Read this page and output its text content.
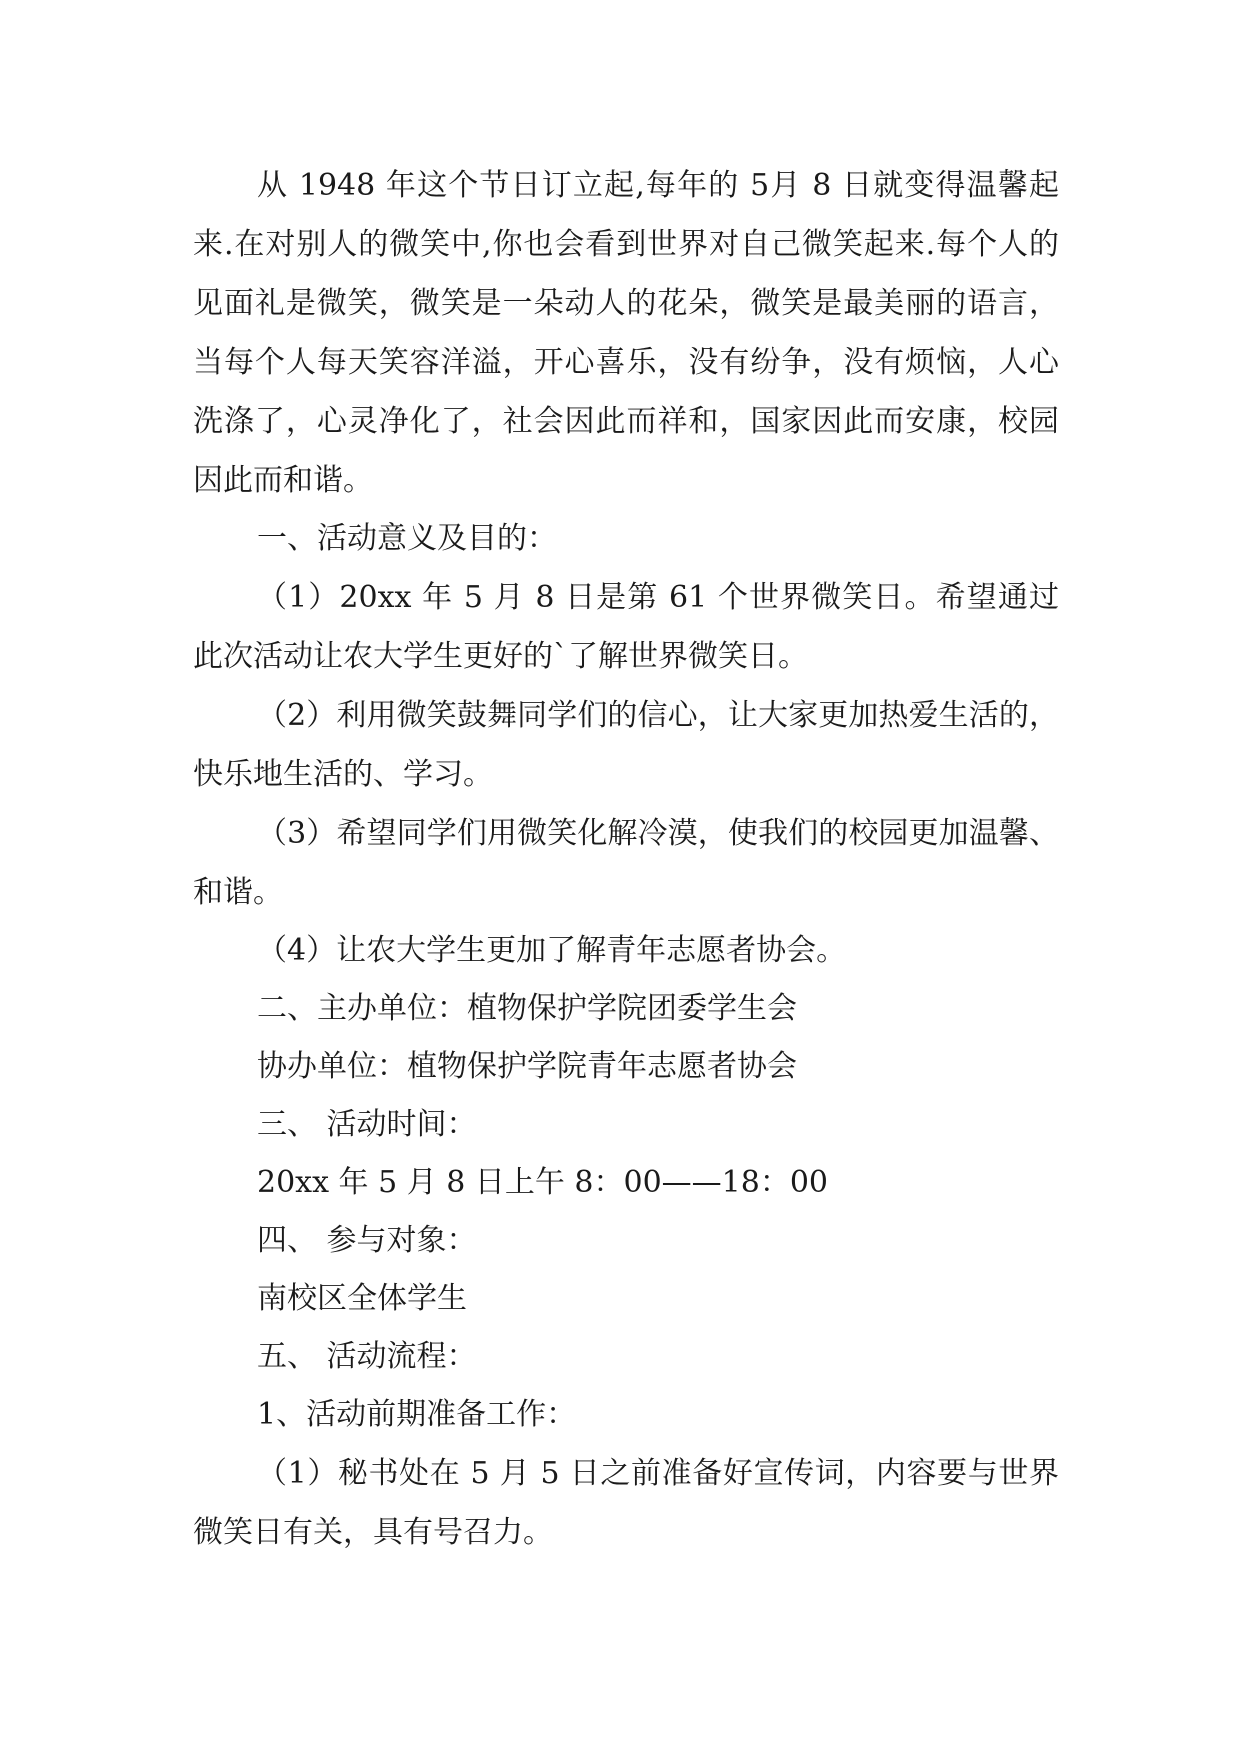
从 1948 年这个节日订立起,每年的 5月 8 日就变得温馨起来.在对别人的微笑中,你也会看到世界对自己微笑起来.每个人的见面礼是微笑，微笑是一朵动人的花朵，微笑是最美丽的语言，当每个人每天笑容洋溢，开心喜乐，没有纷争，没有烦恼，人心洗涤了，心灵净化了，社会因此而祥和，国家因此而安康，校园因此而和谐。

一、活动意义及目的：

（1）20xx 年 5 月 8 日是第 61 个世界微笑日。希望通过此次活动让农大学生更好的`了解世界微笑日。

（2）利用微笑鼓舞同学们的信心，让大家更加热爱生活的，快乐地生活的、学习。

（3）希望同学们用微笑化解冷漠，使我们的校园更加温馨、和谐。

（4）让农大学生更加了解青年志愿者协会。

二、主办单位：植物保护学院团委学生会

协办单位：植物保护学院青年志愿者协会

三、 活动时间：

20xx 年 5 月 8 日上午 8：00——18：00

四、 参与对象：

南校区全体学生

五、 活动流程：

1、活动前期准备工作：

（1）秘书处在 5 月 5 日之前准备好宣传词，内容要与世界微笑日有关，具有号召力。
